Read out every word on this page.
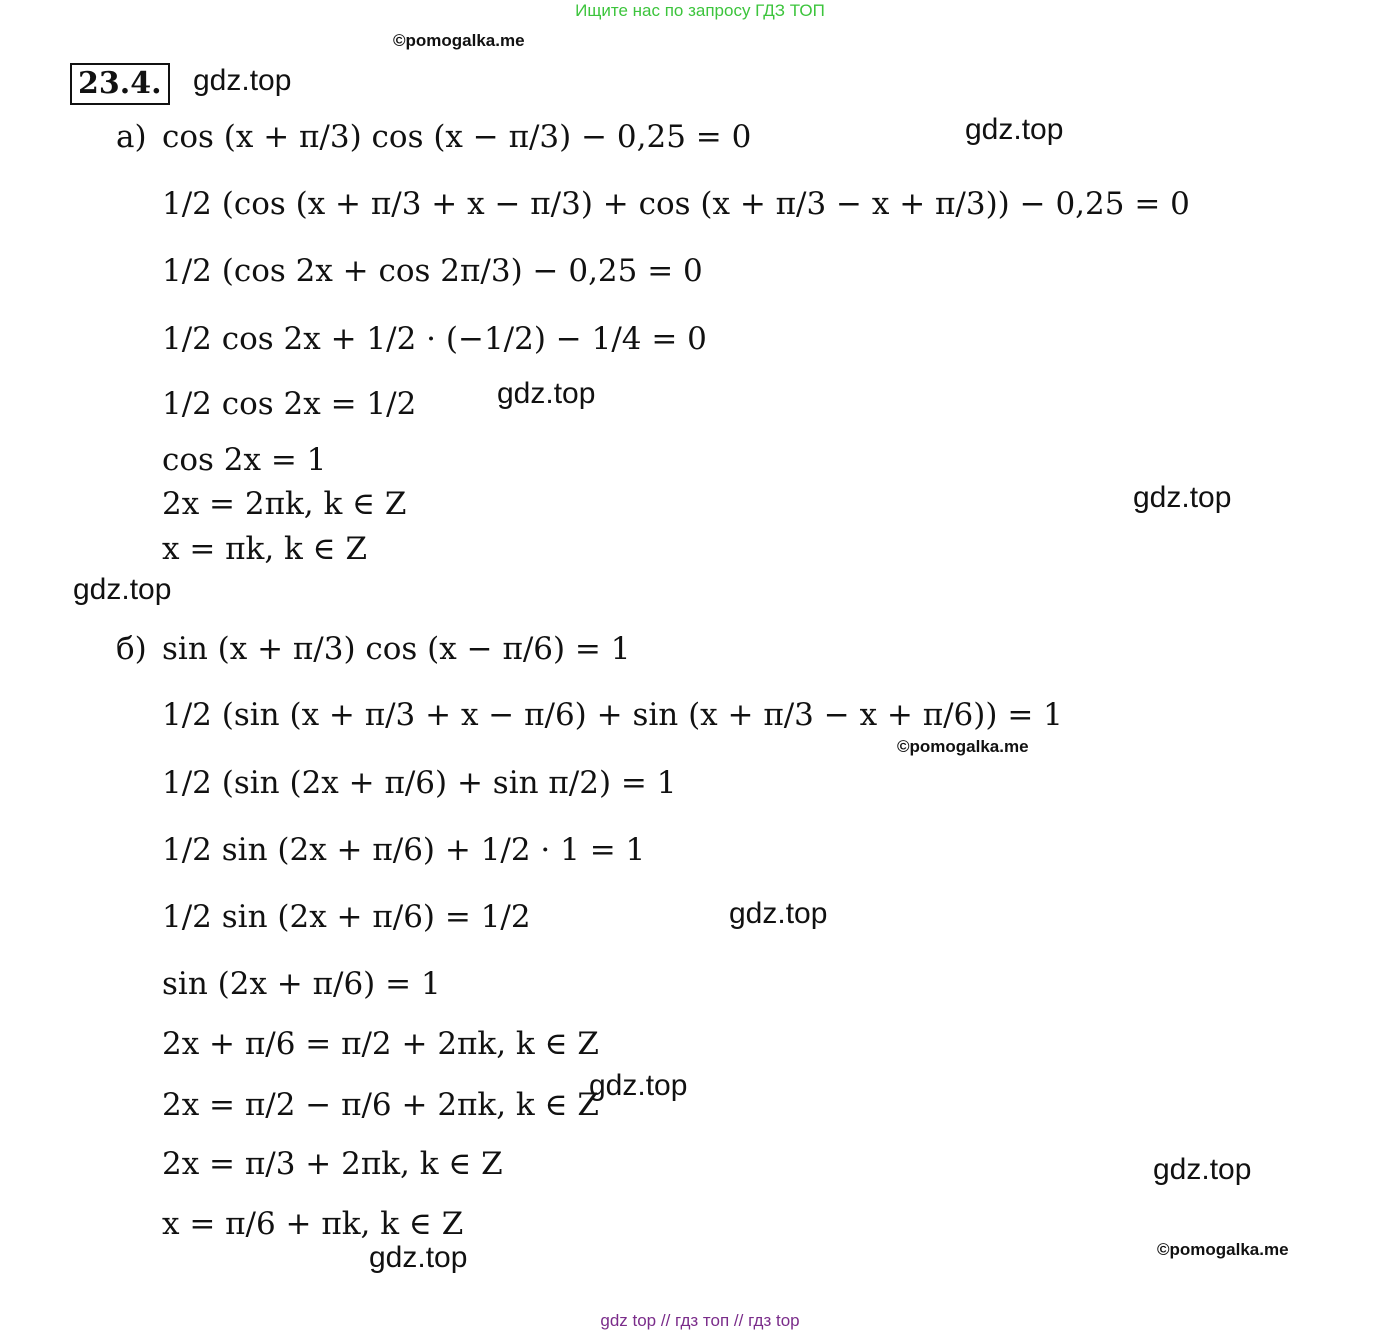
Ищите нас по запросу ГДЗ ТОП
©pomogalka.me
23.4. gdz.top
gdz.top
а) cos (x + π/3) cos (x − π/3) − 0,25 = 0
1/2 (cos (x + π/3 + x − π/3) + cos (x + π/3 − x + π/3)) − 0,25 = 0
1/2 (cos 2x + cos 2π/3) − 0,25 = 0
1/2 cos 2x + 1/2 · (−1/2) − 1/4 = 0
1/2 cos 2x = 1/2	gdz.top
cos 2x = 1
2x = 2πk, k ∈ Z	gdz.top
x = πk, k ∈ Z
gdz.top
б) sin (x + π/3) cos (x − π/6) = 1
1/2 (sin (x + π/3 + x − π/6) + sin (x + π/3 − x + π/6)) = 1
©pomogalka.me
1/2 (sin (2x + π/6) + sin π/2) = 1
1/2 sin (2x + π/6) + 1/2 · 1 = 1
1/2 sin (2x + π/6) = 1/2	gdz.top
sin (2x + π/6) = 1
2x + π/6 = π/2 + 2πk, k ∈ Z
gdz.top
2x = π/2 − π/6 + 2πk, k ∈ Z
2x = π/3 + 2πk, k ∈ Z	gdz.top
x = π/6 + πk, k ∈ Z
gdz.top	©pomogalka.me
gdz top // гдз топ // гдз top
